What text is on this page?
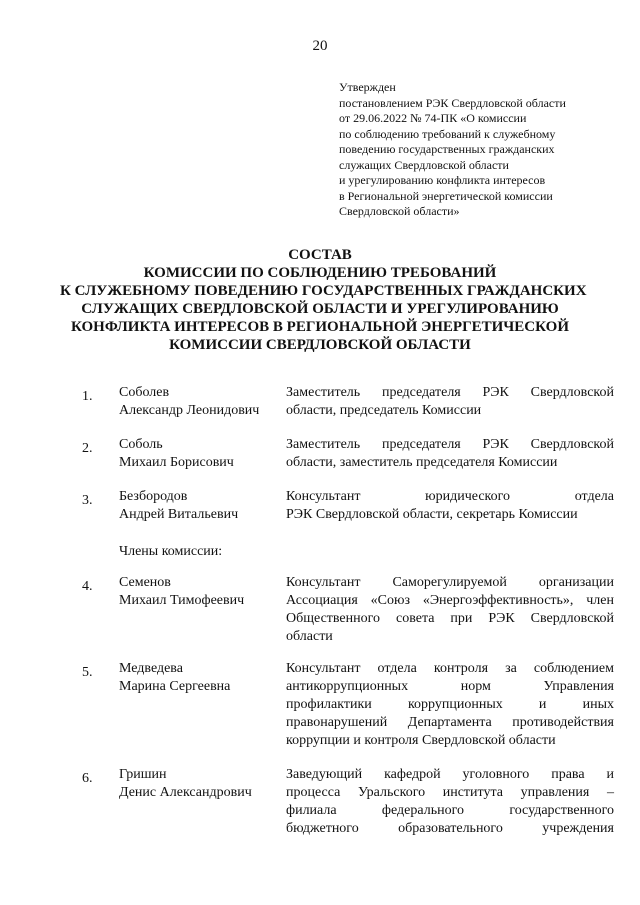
20
Утвержден
постановлением РЭК Свердловской области
от 29.06.2022 № 74-ПК «О комиссии
по соблюдению требований к служебному
поведению государственных гражданских
служащих Свердловской области
и урегулированию конфликта интересов
в Региональной энергетической комиссии
Свердловской области»
СОСТАВ
КОМИССИИ ПО СОБЛЮДЕНИЮ ТРЕБОВАНИЙ
К СЛУЖЕБНОМУ ПОВЕДЕНИЮ ГОСУДАРСТВЕННЫХ ГРАЖДАНСКИХ
СЛУЖАЩИХ СВЕРДЛОВСКОЙ ОБЛАСТИ И УРЕГУЛИРОВАНИЮ
КОНФЛИКТА ИНТЕРЕСОВ В РЕГИОНАЛЬНОЙ ЭНЕРГЕТИЧЕСКОЙ
КОМИССИИ СВЕРДЛОВСКОЙ ОБЛАСТИ
1. Соболев
Александр Леонидович
Заместитель председателя РЭК Свердловской
области, председатель Комиссии
2. Соболь
Михаил Борисович
Заместитель председателя РЭК Свердловской
области, заместитель председателя Комиссии
3. Безбородов
Андрей Витальевич
Консультант юридического отдела
РЭК Свердловской области, секретарь Комиссии
Члены комиссии:
4. Семенов
Михаил Тимофеевич
Консультант Саморегулируемой организации
Ассоциация «Союз «Энергоэффективность», член
Общественного совета при РЭК Свердловской
области
5. Медведева
Марина Сергеевна
Консультант отдела контроля за соблюдением
антикоррупционных норм Управления
профилактики коррупционных и иных
правонарушений Департамента противодействия
коррупции и контроля Свердловской области
6. Гришин
Денис Александрович
Заведующий кафедрой уголовного права и
процесса Уральского института управления –
филиала федерального государственного
бюджетного образовательного учреждения
